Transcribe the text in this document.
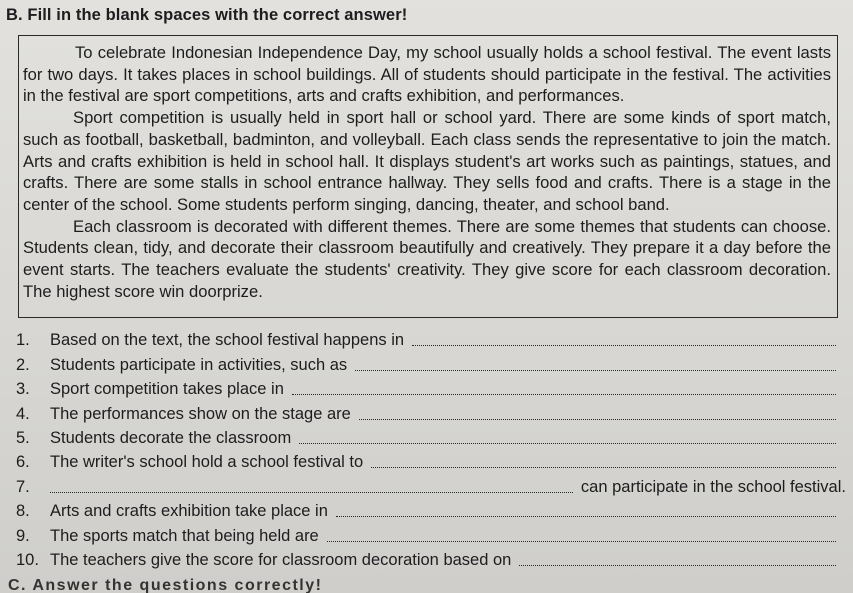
B. Fill in the blank spaces with the correct answer!

To celebrate Indonesian Independence Day, my school usually holds a school festival. The event lasts for two days. It takes places in school buildings. All of students should participate in the festival. The activities in the festival are sport competitions, arts and crafts exhibition, and performances.

Sport competition is usually held in sport hall or school yard. There are some kinds of sport match, such as football, basketball, badminton, and volleyball. Each class sends the representative to join the match. Arts and crafts exhibition is held in school hall. It displays student's art works such as paintings, statues, and crafts. There are some stalls in school entrance hallway. They sells food and crafts. There is a stage in the center of the school. Some students perform singing, dancing, theater, and school band.

Each classroom is decorated with different themes. There are some themes that students can choose. Students clean, tidy, and decorate their classroom beautifully and creatively. They prepare it a day before the event starts. The teachers evaluate the students' creativity. They give score for each classroom decoration. The highest score win doorprize.

1.	Based on the text, the school festival happens in
2.	Students participate in activities, such as
3.	Sport competition takes place in
4.	The performances show on the stage are
5.	Students decorate the classroom
6.	The writer's school hold a school festival to
7.	can participate in the school festival.
8.	Arts and crafts exhibition take place in
9.	The sports match that being held are
10. The teachers give the score for classroom decoration based on
C. Answer the questions correctly!
